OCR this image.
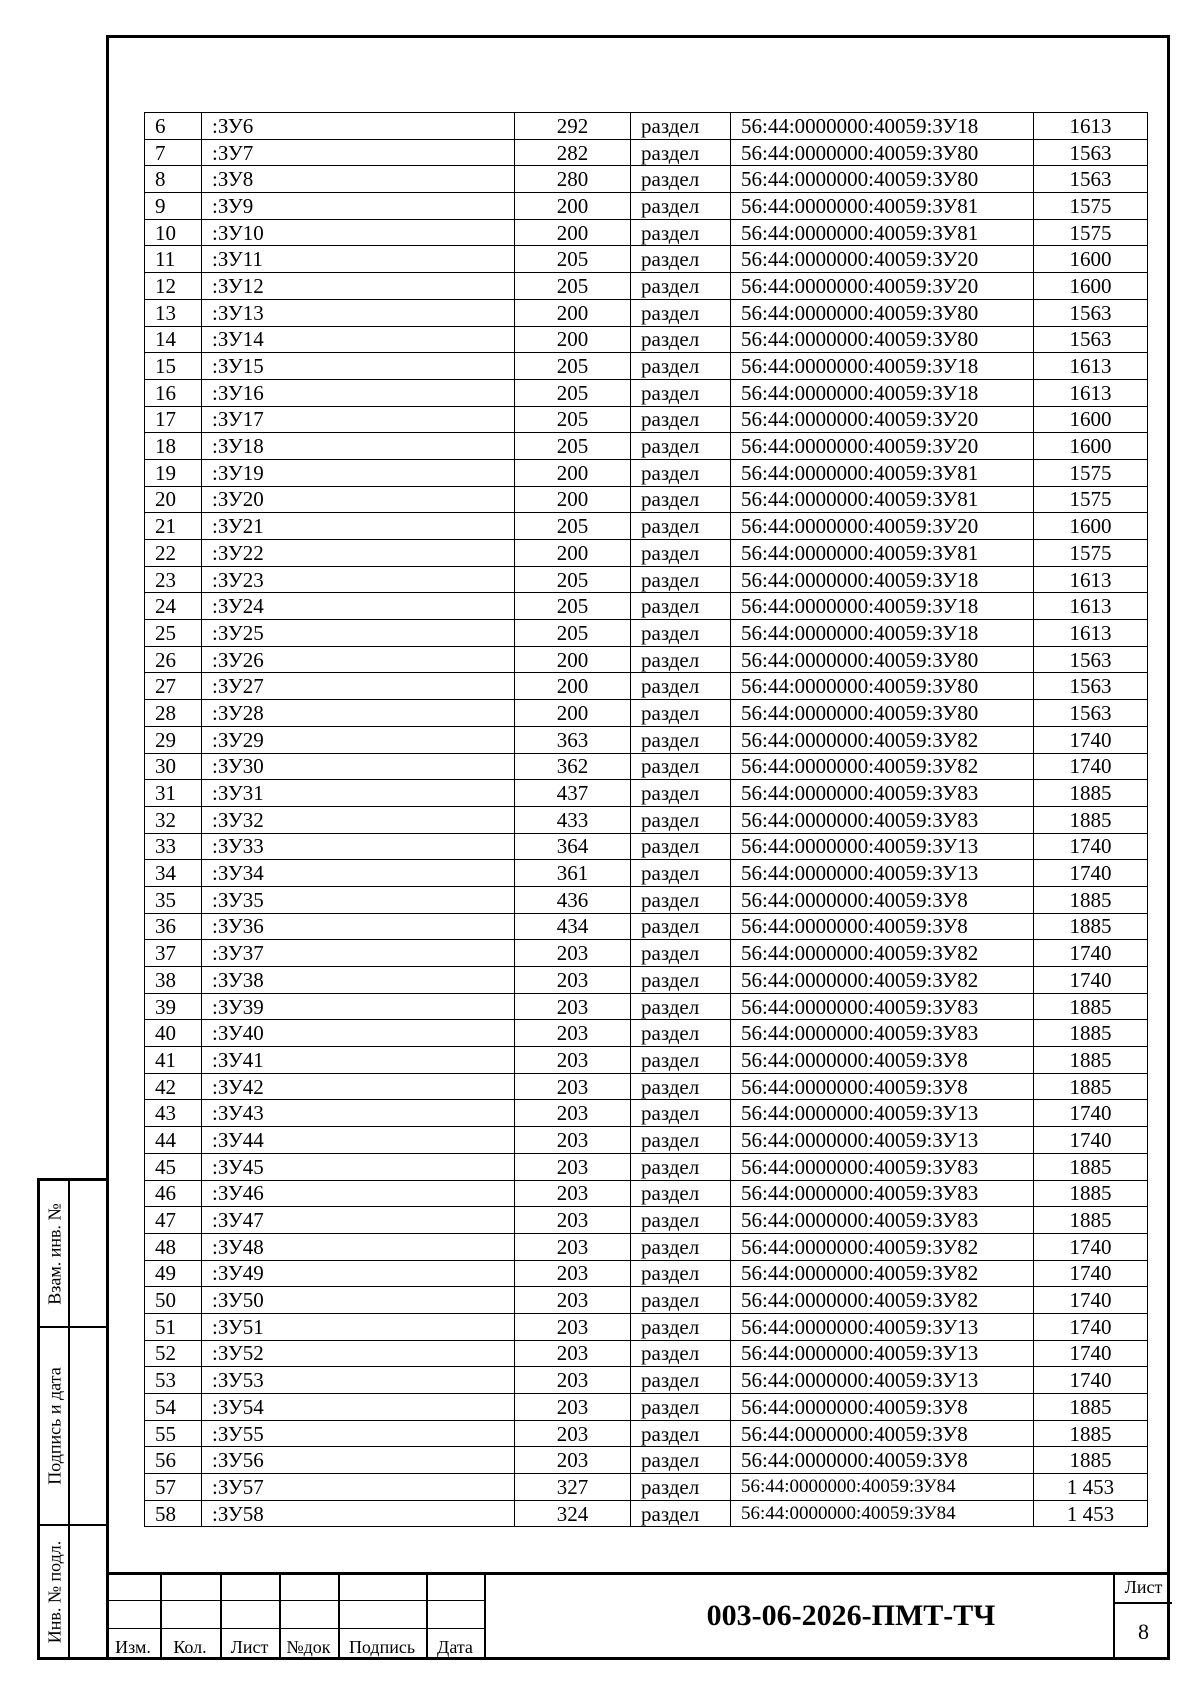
Взам. инв. №
Подпись и дата
Инв. № подл.
6	:ЗУ6	292	раздел	56:44:0000000:40059:ЗУ18	1613
7	:ЗУ7	282	раздел	56:44:0000000:40059:ЗУ80	1563
8	:ЗУ8	280	раздел	56:44:0000000:40059:ЗУ80	1563
9	:ЗУ9	200	раздел	56:44:0000000:40059:ЗУ81	1575
10	:ЗУ10	200	раздел	56:44:0000000:40059:ЗУ81	1575
11	:ЗУ11	205	раздел	56:44:0000000:40059:ЗУ20	1600
12	:ЗУ12	205	раздел	56:44:0000000:40059:ЗУ20	1600
13	:ЗУ13	200	раздел	56:44:0000000:40059:ЗУ80	1563
14	:ЗУ14	200	раздел	56:44:0000000:40059:ЗУ80	1563
15	:ЗУ15	205	раздел	56:44:0000000:40059:ЗУ18	1613
16	:ЗУ16	205	раздел	56:44:0000000:40059:ЗУ18	1613
17	:ЗУ17	205	раздел	56:44:0000000:40059:ЗУ20	1600
18	:ЗУ18	205	раздел	56:44:0000000:40059:ЗУ20	1600
19	:ЗУ19	200	раздел	56:44:0000000:40059:ЗУ81	1575
20	:ЗУ20	200	раздел	56:44:0000000:40059:ЗУ81	1575
21	:ЗУ21	205	раздел	56:44:0000000:40059:ЗУ20	1600
22	:ЗУ22	200	раздел	56:44:0000000:40059:ЗУ81	1575
23	:ЗУ23	205	раздел	56:44:0000000:40059:ЗУ18	1613
24	:ЗУ24	205	раздел	56:44:0000000:40059:ЗУ18	1613
25	:ЗУ25	205	раздел	56:44:0000000:40059:ЗУ18	1613
26	:ЗУ26	200	раздел	56:44:0000000:40059:ЗУ80	1563
27	:ЗУ27	200	раздел	56:44:0000000:40059:ЗУ80	1563
28	:ЗУ28	200	раздел	56:44:0000000:40059:ЗУ80	1563
29	:ЗУ29	363	раздел	56:44:0000000:40059:ЗУ82	1740
30	:ЗУ30	362	раздел	56:44:0000000:40059:ЗУ82	1740
31	:ЗУ31	437	раздел	56:44:0000000:40059:ЗУ83	1885
32	:ЗУ32	433	раздел	56:44:0000000:40059:ЗУ83	1885
33	:ЗУ33	364	раздел	56:44:0000000:40059:ЗУ13	1740
34	:ЗУ34	361	раздел	56:44:0000000:40059:ЗУ13	1740
35	:ЗУ35	436	раздел	56:44:0000000:40059:ЗУ8	1885
36	:ЗУ36	434	раздел	56:44:0000000:40059:ЗУ8	1885
37	:ЗУ37	203	раздел	56:44:0000000:40059:ЗУ82	1740
38	:ЗУ38	203	раздел	56:44:0000000:40059:ЗУ82	1740
39	:ЗУ39	203	раздел	56:44:0000000:40059:ЗУ83	1885
40	:ЗУ40	203	раздел	56:44:0000000:40059:ЗУ83	1885
41	:ЗУ41	203	раздел	56:44:0000000:40059:ЗУ8	1885
42	:ЗУ42	203	раздел	56:44:0000000:40059:ЗУ8	1885
43	:ЗУ43	203	раздел	56:44:0000000:40059:ЗУ13	1740
44	:ЗУ44	203	раздел	56:44:0000000:40059:ЗУ13	1740
45	:ЗУ45	203	раздел	56:44:0000000:40059:ЗУ83	1885
46	:ЗУ46	203	раздел	56:44:0000000:40059:ЗУ83	1885
47	:ЗУ47	203	раздел	56:44:0000000:40059:ЗУ83	1885
48	:ЗУ48	203	раздел	56:44:0000000:40059:ЗУ82	1740
49	:ЗУ49	203	раздел	56:44:0000000:40059:ЗУ82	1740
50	:ЗУ50	203	раздел	56:44:0000000:40059:ЗУ82	1740
51	:ЗУ51	203	раздел	56:44:0000000:40059:ЗУ13	1740
52	:ЗУ52	203	раздел	56:44:0000000:40059:ЗУ13	1740
53	:ЗУ53	203	раздел	56:44:0000000:40059:ЗУ13	1740
54	:ЗУ54	203	раздел	56:44:0000000:40059:ЗУ8	1885
55	:ЗУ55	203	раздел	56:44:0000000:40059:ЗУ8	1885
56	:ЗУ56	203	раздел	56:44:0000000:40059:ЗУ8	1885
57	:ЗУ57	327	раздел	56:44:0000000:40059:ЗУ84	1 453
58	:ЗУ58	324	раздел	56:44:0000000:40059:ЗУ84	1 453
Изм.	Кол.	Лист	№док	Подпись	Дата
003-06-2026-ПМТ-ТЧ
Лист
8
